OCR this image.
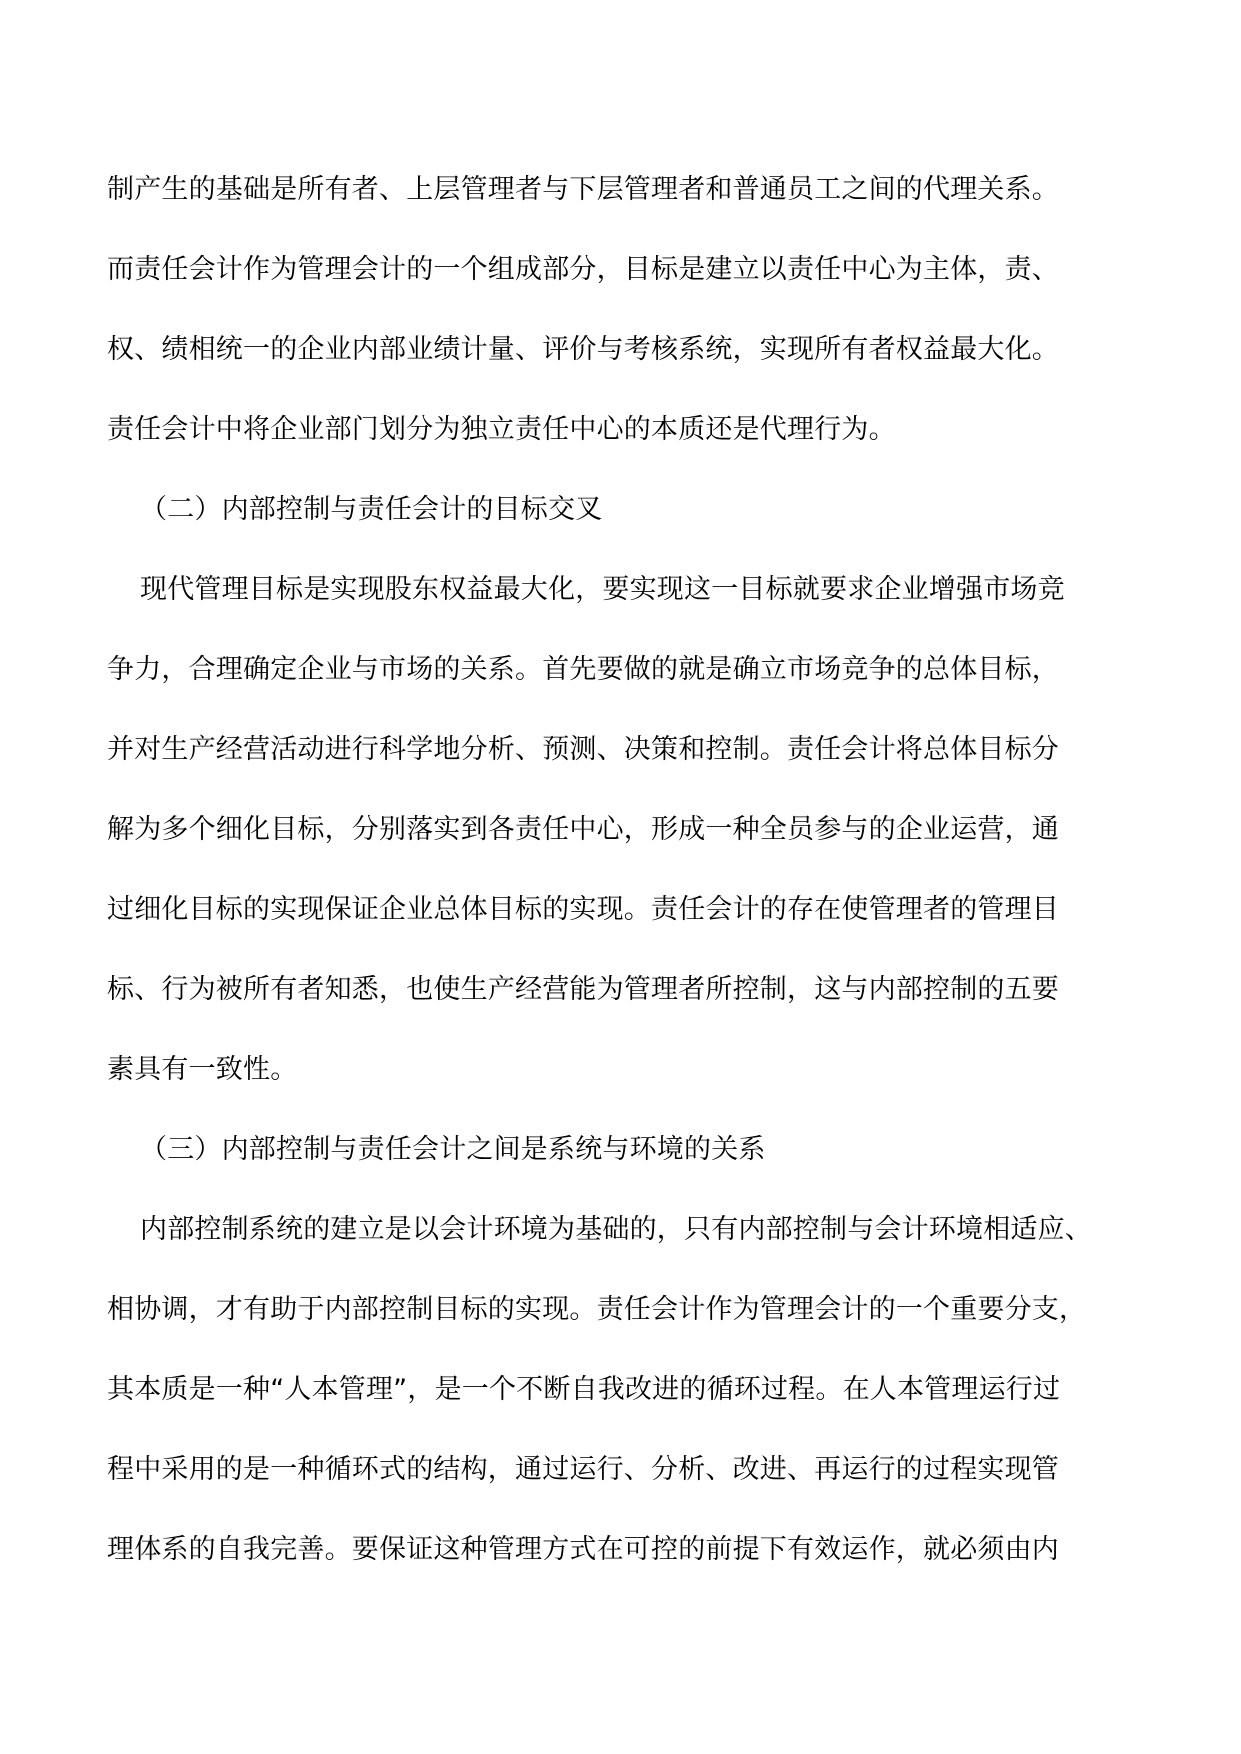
制产生的基础是所有者、上层管理者与下层管理者和普通员工之间的代理关系。
而责任会计作为管理会计的一个组成部分，目标是建立以责任中心为主体，责、
权、绩相统一的企业内部业绩计量、评价与考核系统，实现所有者权益最大化。
责任会计中将企业部门划分为独立责任中心的本质还是代理行为。
（二）内部控制与责任会计的目标交叉
现代管理目标是实现股东权益最大化，要实现这一目标就要求企业增强市场竞
争力，合理确定企业与市场的关系。首先要做的就是确立市场竞争的总体目标，
并对生产经营活动进行科学地分析、预测、决策和控制。责任会计将总体目标分
解为多个细化目标，分别落实到各责任中心，形成一种全员参与的企业运营，通
过细化目标的实现保证企业总体目标的实现。责任会计的存在使管理者的管理目
标、行为被所有者知悉，也使生产经营能为管理者所控制，这与内部控制的五要
素具有一致性。
（三）内部控制与责任会计之间是系统与环境的关系
内部控制系统的建立是以会计环境为基础的，只有内部控制与会计环境相适应、
相协调，才有助于内部控制目标的实现。责任会计作为管理会计的一个重要分支，
其本质是一种“人本管理”，是一个不断自我改进的循环过程。在人本管理运行过
程中采用的是一种循环式的结构，通过运行、分析、改进、再运行的过程实现管
理体系的自我完善。要保证这种管理方式在可控的前提下有效运作，就必须由内
